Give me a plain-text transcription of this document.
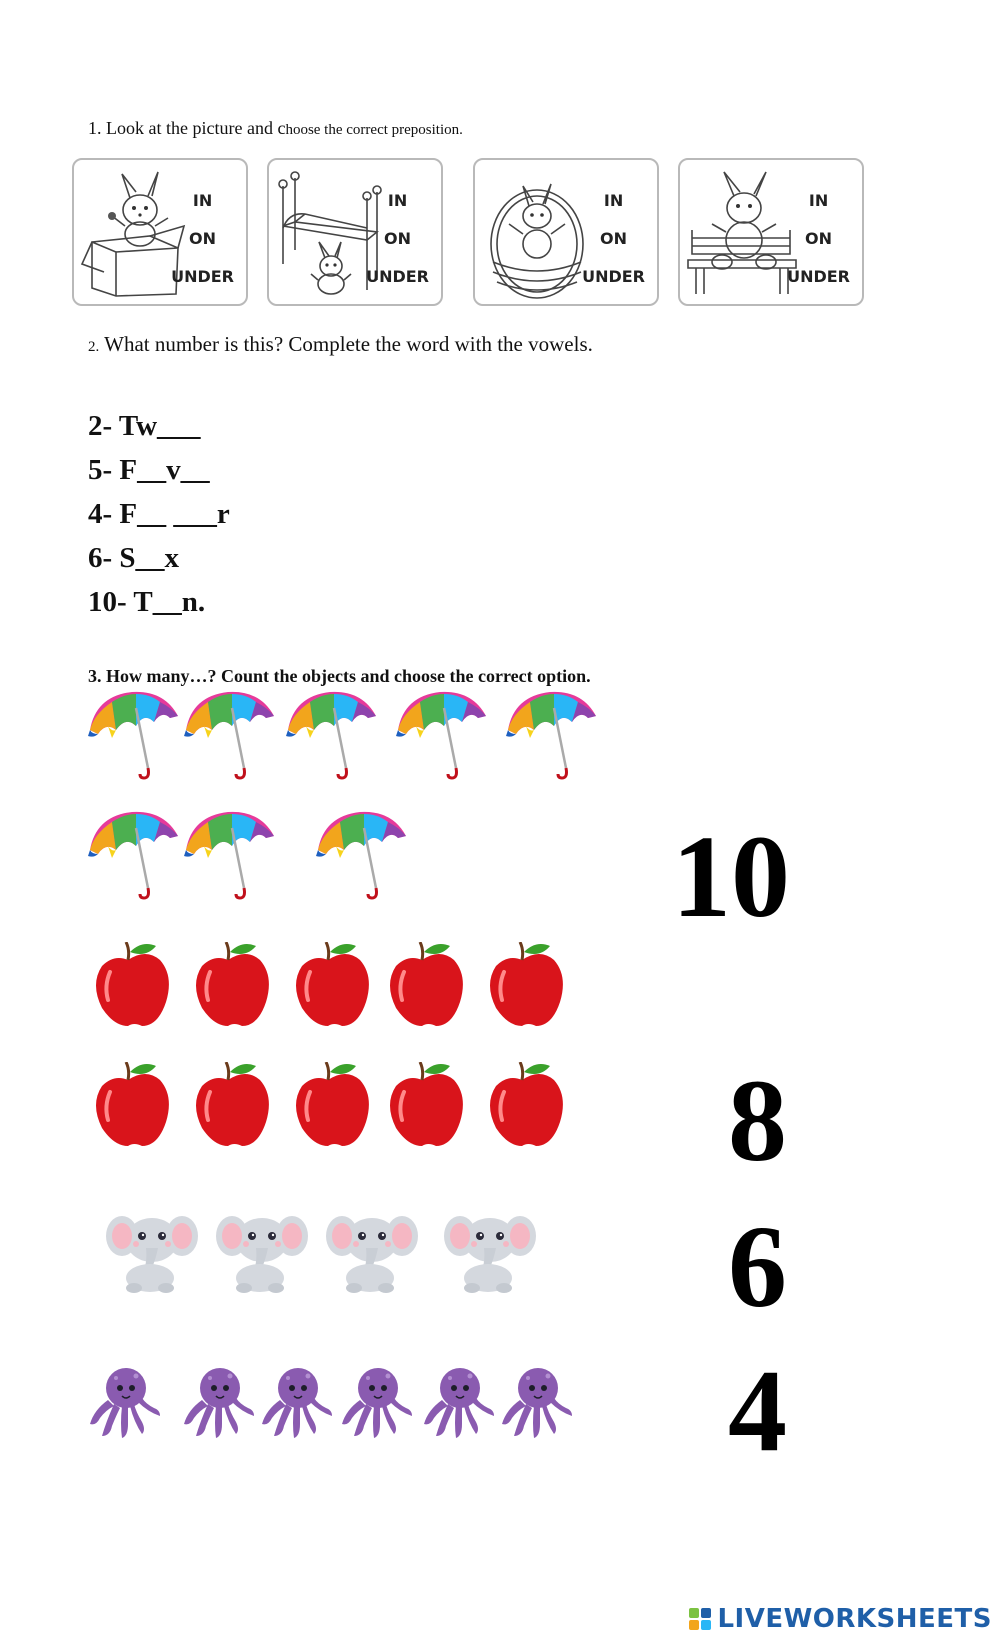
1. Look at the picture and choose the correct preposition.
IN
ON
UNDER
IN
ON
UNDER
IN
ON
UNDER
IN
ON
UNDER
2. What number is this? Complete the word with the vowels.
2- Tw___
5- F__v__
4- F__ ___r
6- S__x
10- T__n.
3. How many…? Count the objects and choose the correct option.
10
8
6
4
LIVEWORKSHEETS
